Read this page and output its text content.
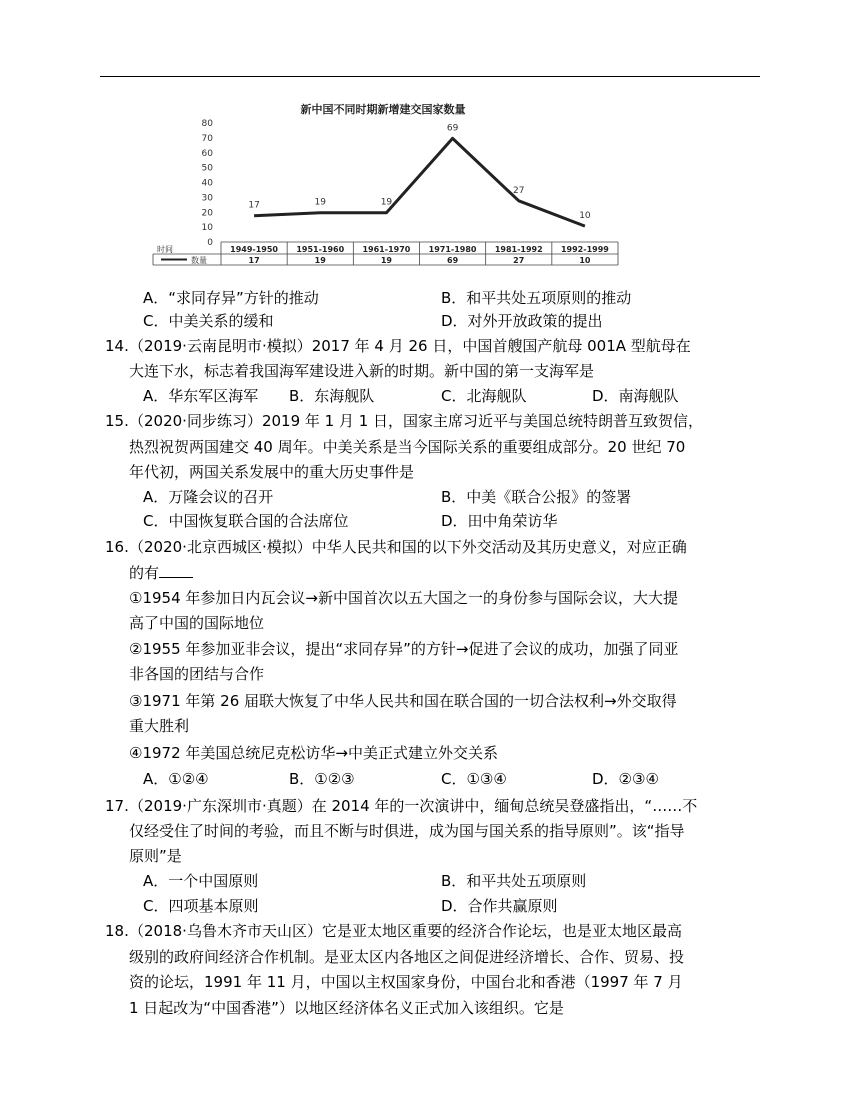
新中国不同时期新增建交国家数量
0
10
20
30
40
50
60
70
80
17	19	19
69
27
10
时间
数量
1949-1950 1951-1960 1961-1970 1971-1980 1981-1992 1992-1999
17	19	19	69	27	10
A．“求同存异”方针的推动	B．和平共处五项原则的推动
C．中美关系的缓和	D．对外开放政策的提出
14. （2019·云南昆明市·模拟）2017 年 4 月 26 日，中国首艘国产航母 001A 型航母在
大连下水，标志着我国海军建设进入新的时期。新中国的第一支海军是
A．华东军区海军 B．东海舰队	C．北海舰队	D．南海舰队
15. （2020·同步练习）2019 年 1 月 1 日，国家主席习近平与美国总统特朗普互致贺信，
热烈祝贺两国建交 40 周年。中美关系是当今国际关系的重要组成部分。20 世纪 70
年代初，两国关系发展中的重大历史事件是
A．万隆会议的召开	B．中美《联合公报》的签署
C．中国恢复联合国的合法席位	D．田中角荣访华
16. （2020·北京西城区·模拟）中华人民共和国的以下外交活动及其历史意义，对应正确
的有
①1954 年参加日内瓦会议→新中国首次以五大国之一的身份参与国际会议，大大提
高了中国的国际地位
②1955 年参加亚非会议，提出“求同存异”的方针→促进了会议的成功，加强了同亚
非各国的团结与合作
③1971 年第 26 届联大恢复了中华人民共和国在联合国的一切合法权利→外交取得
重大胜利
④1972 年美国总统尼克松访华→中美正式建立外交关系
A．①②④	B．①②③	C．①③④	D．②③④
17. （2019·广东深圳市·真题）在 2014 年的一次演讲中，缅甸总统吴登盛指出，“……不
仅经受住了时间的考验，而且不断与时俱进，成为国与国关系的指导原则”。该“指导
原则”是
A．一个中国原则	B．和平共处五项原则
C．四项基本原则	D．合作共赢原则
18. （2018·乌鲁木齐市天山区）它是亚太地区重要的经济合作论坛，也是亚太地区最高
级别的政府间经济合作机制。是亚太区内各地区之间促进经济增长、合作、贸易、投
资的论坛，1991 年 11 月，中国以主权国家身份，中国台北和香港（1997 年 7 月
1 日起改为“中国香港”）以地区经济体名义正式加入该组织。它是
